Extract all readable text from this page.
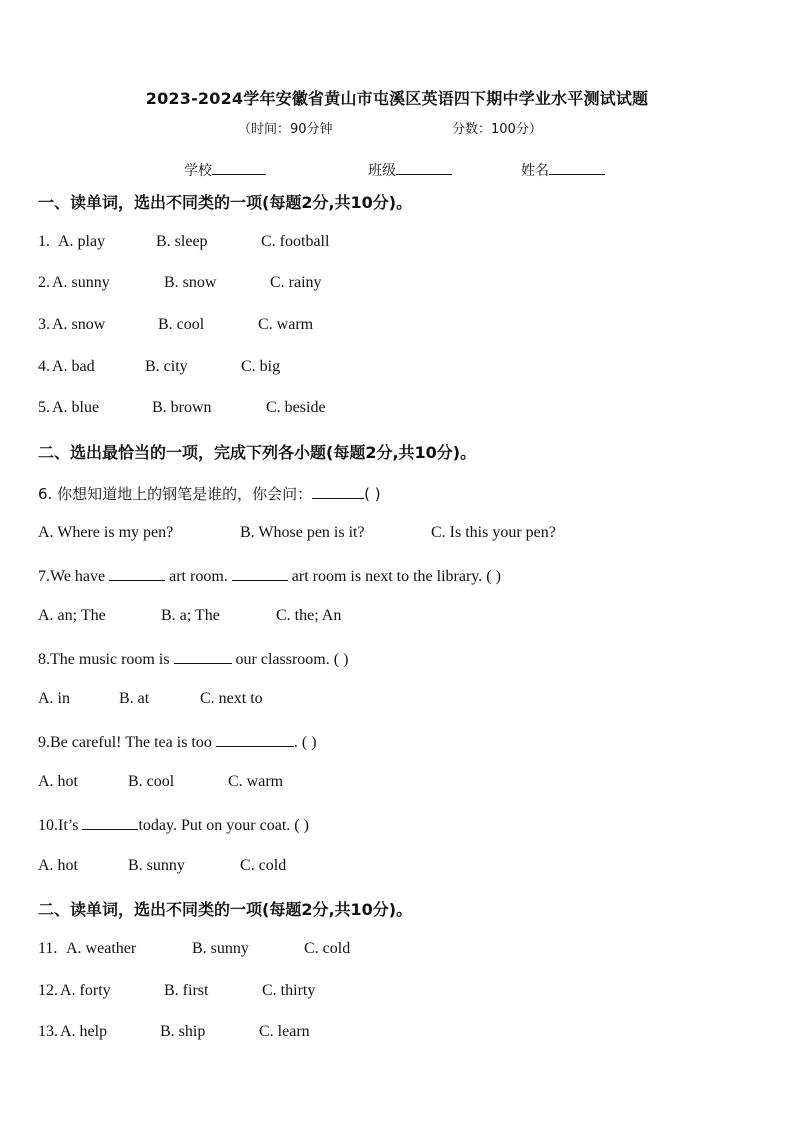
2023-2024学年安徽省黄山市屯溪区英语四下期中学业水平测试试题
（时间：90分钟	分数：100分）
学校	班级	姓名
一、读单词，选出不同类的一项(每题2分,共10分)。
1. A. play	B. sleep	C. football
2. A. sunny	B. snow	C. rainy
3. A. snow	B. cool	C. warm
4. A. bad	B. city	C. big
5. A. blue	B. brown	C. beside
二、选出最恰当的一项，完成下列各小题(每题2分,共10分)。
6. 你想知道地上的钢笔是谁的，你会问：	( )
A. Where is my pen?	B. Whose pen is it?	C. Is this your pen?
7.We have	art room.	art room is next to the library. ( )
A. an; The	B. a; The	C. the; An
8.The music room is	our classroom. ( )
A. in	B. at	C. next to
9.Be careful! The tea is too	. ( )
A. hot	B. cool	C. warm
10.It’s	today. Put on your coat. ( )
A. hot	B. sunny	C. cold
二、读单词，选出不同类的一项(每题2分,共10分)。
11. A. weather	B. sunny	C. cold
12. A. forty	B. first	C. thirty
13. A. help	B. ship	C. learn
